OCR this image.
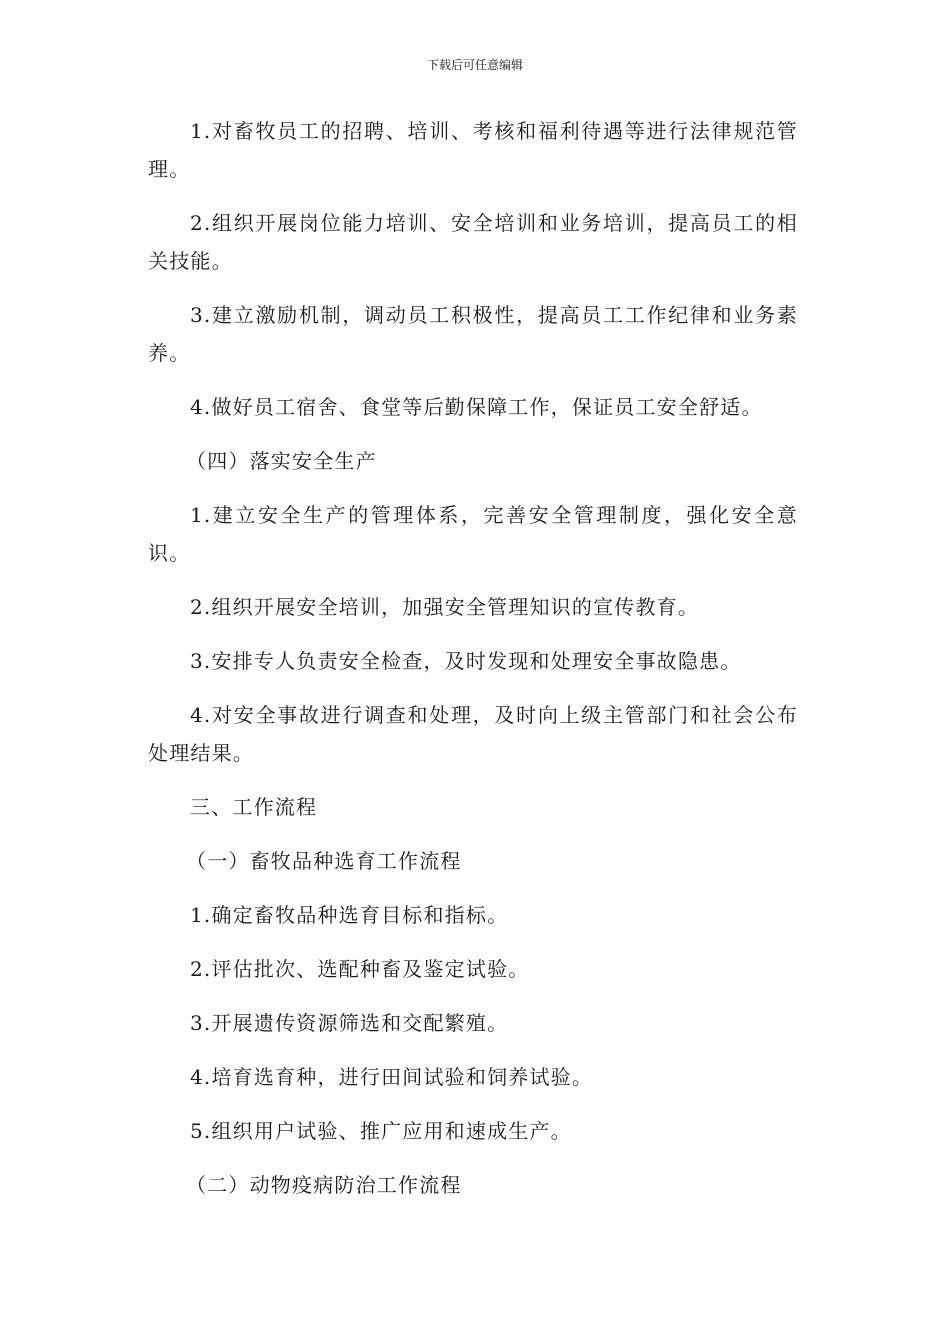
下载后可任意编辑

1.对畜牧员工的招聘、培训、考核和福利待遇等进行法律规范管理。

2.组织开展岗位能力培训、安全培训和业务培训，提高员工的相关技能。

3.建立激励机制，调动员工积极性，提高员工工作纪律和业务素养。

4.做好员工宿舍、食堂等后勤保障工作，保证员工安全舒适。

（四）落实安全生产

1.建立安全生产的管理体系，完善安全管理制度，强化安全意识。

2.组织开展安全培训，加强安全管理知识的宣传教育。

3.安排专人负责安全检查，及时发现和处理安全事故隐患。

4.对安全事故进行调查和处理，及时向上级主管部门和社会公布处理结果。

三、工作流程

（一）畜牧品种选育工作流程

1.确定畜牧品种选育目标和指标。

2.评估批次、选配种畜及鉴定试验。

3.开展遗传资源筛选和交配繁殖。

4.培育选育种，进行田间试验和饲养试验。

5.组织用户试验、推广应用和速成生产。

（二）动物疫病防治工作流程
